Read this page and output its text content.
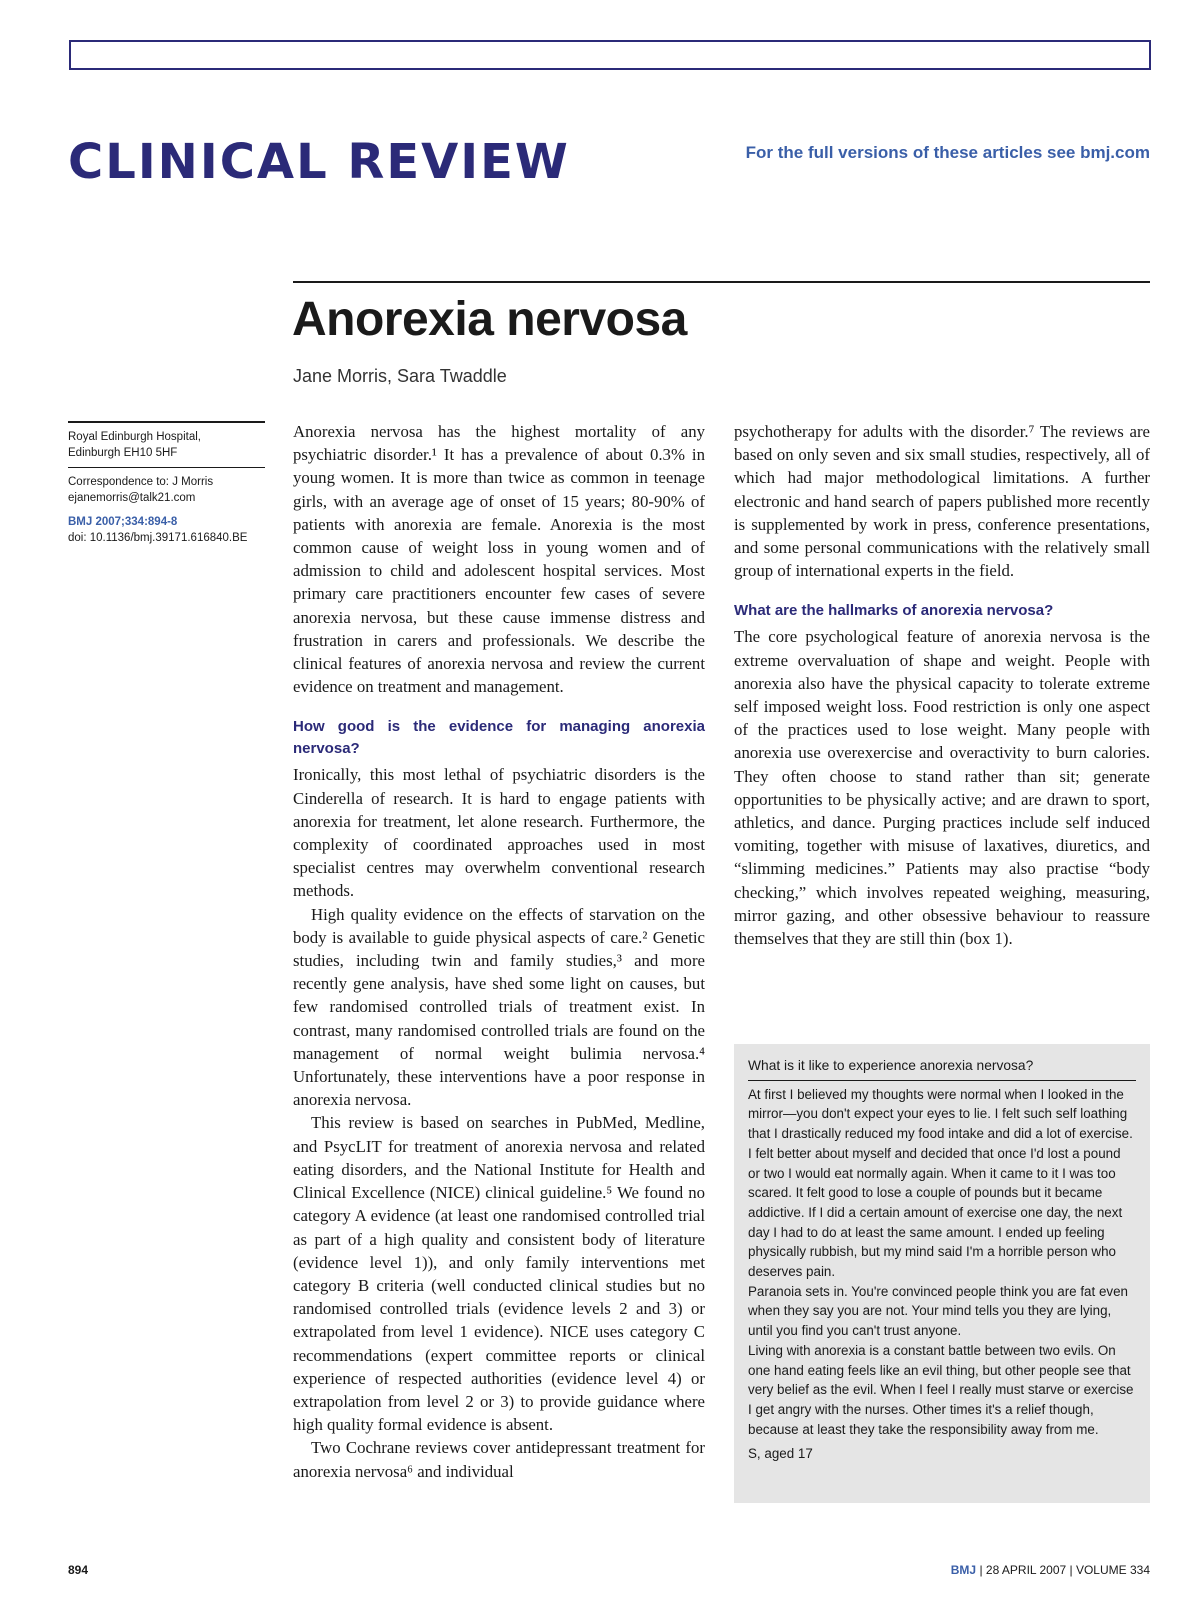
CLINICAL REVIEW	For the full versions of these articles see bmj.com
Anorexia nervosa
Jane Morris, Sara Twaddle
Royal Edinburgh Hospital,
Edinburgh EH10 5HF
Correspondence to: J Morris
ejanemorris@talk21.com
BMJ 2007;334:894-8
doi: 10.1136/bmj.39171.616840.BE

Anorexia nervosa has the highest mortality of any psychiatric disorder.¹ It has a prevalence of about 0.3% in young women. It is more than twice as common in teenage girls, with an average age of onset of 15 years; 80-90% of patients with anorexia are female. Anorexia is the most common cause of weight loss in young women and of admission to child and adolescent hospital services. Most primary care practitioners encounter few cases of severe anorexia nervosa, but these cause immense distress and frustration in carers and professionals. We describe the clinical features of anorexia nervosa and review the current evidence on treatment and management.

How good is the evidence for managing anorexia nervosa?

Ironically, this most lethal of psychiatric disorders is the Cinderella of research. It is hard to engage patients with anorexia for treatment, let alone research. Furthermore, the complexity of coordinated approaches used in most specialist centres may overwhelm conventional research methods.

High quality evidence on the effects of starvation on the body is available to guide physical aspects of care.² Genetic studies, including twin and family studies,³ and more recently gene analysis, have shed some light on causes, but few randomised controlled trials of treatment exist. In contrast, many randomised controlled trials are found on the management of normal weight bulimia nervosa.⁴ Unfortunately, these interventions have a poor response in anorexia nervosa.

This review is based on searches in PubMed, Medline, and PsycLIT for treatment of anorexia nervosa and related eating disorders, and the National Institute for Health and Clinical Excellence (NICE) clinical guideline.⁵ We found no category A evidence (at least one randomised controlled trial as part of a high quality and consistent body of literature (evidence level 1)), and only family interventions met category B criteria (well conducted clinical studies but no randomised controlled trials (evidence levels 2 and 3) or extrapolated from level 1 evidence). NICE uses category C recommendations (expert committee reports or clinical experience of respected authorities (evidence level 4) or extrapolation from level 2 or 3) to provide guidance where high quality formal evidence is absent.

Two Cochrane reviews cover antidepressant treatment for anorexia nervosa⁶ and individual

psychotherapy for adults with the disorder.⁷ The reviews are based on only seven and six small studies, respectively, all of which had major methodological limitations. A further electronic and hand search of papers published more recently is supplemented by work in press, conference presentations, and some personal communications with the relatively small group of international experts in the field.

What are the hallmarks of anorexia nervosa?

The core psychological feature of anorexia nervosa is the extreme overvaluation of shape and weight. People with anorexia also have the physical capacity to tolerate extreme self imposed weight loss. Food restriction is only one aspect of the practices used to lose weight. Many people with anorexia use overexercise and overactivity to burn calories. They often choose to stand rather than sit; generate opportunities to be physically active; and are drawn to sport, athletics, and dance. Purging practices include self induced vomiting, together with misuse of laxatives, diuretics, and “slimming medicines.” Patients may also practise “body checking,” which involves repeated weighing, measuring, mirror gazing, and other obsessive behaviour to reassure themselves that they are still thin (box 1).

What is it like to experience anorexia nervosa?

At first I believed my thoughts were normal when I looked in the mirror—you don't expect your eyes to lie. I felt such self loathing that I drastically reduced my food intake and did a lot of exercise. I felt better about myself and decided that once I'd lost a pound or two I would eat normally again. When it came to it I was too scared. It felt good to lose a couple of pounds but it became addictive. If I did a certain amount of exercise one day, the next day I had to do at least the same amount. I ended up feeling physically rubbish, but my mind said I'm a horrible person who deserves pain.

Paranoia sets in. You're convinced people think you are fat even when they say you are not. Your mind tells you they are lying, until you find you can't trust anyone.

Living with anorexia is a constant battle between two evils. On one hand eating feels like an evil thing, but other people see that very belief as the evil. When I feel I really must starve or exercise I get angry with the nurses. Other times it's a relief though, because at least they take the responsibility away from me.

S, aged 17

894	BMJ | 28 APRIL 2007 | VOLUME 334
